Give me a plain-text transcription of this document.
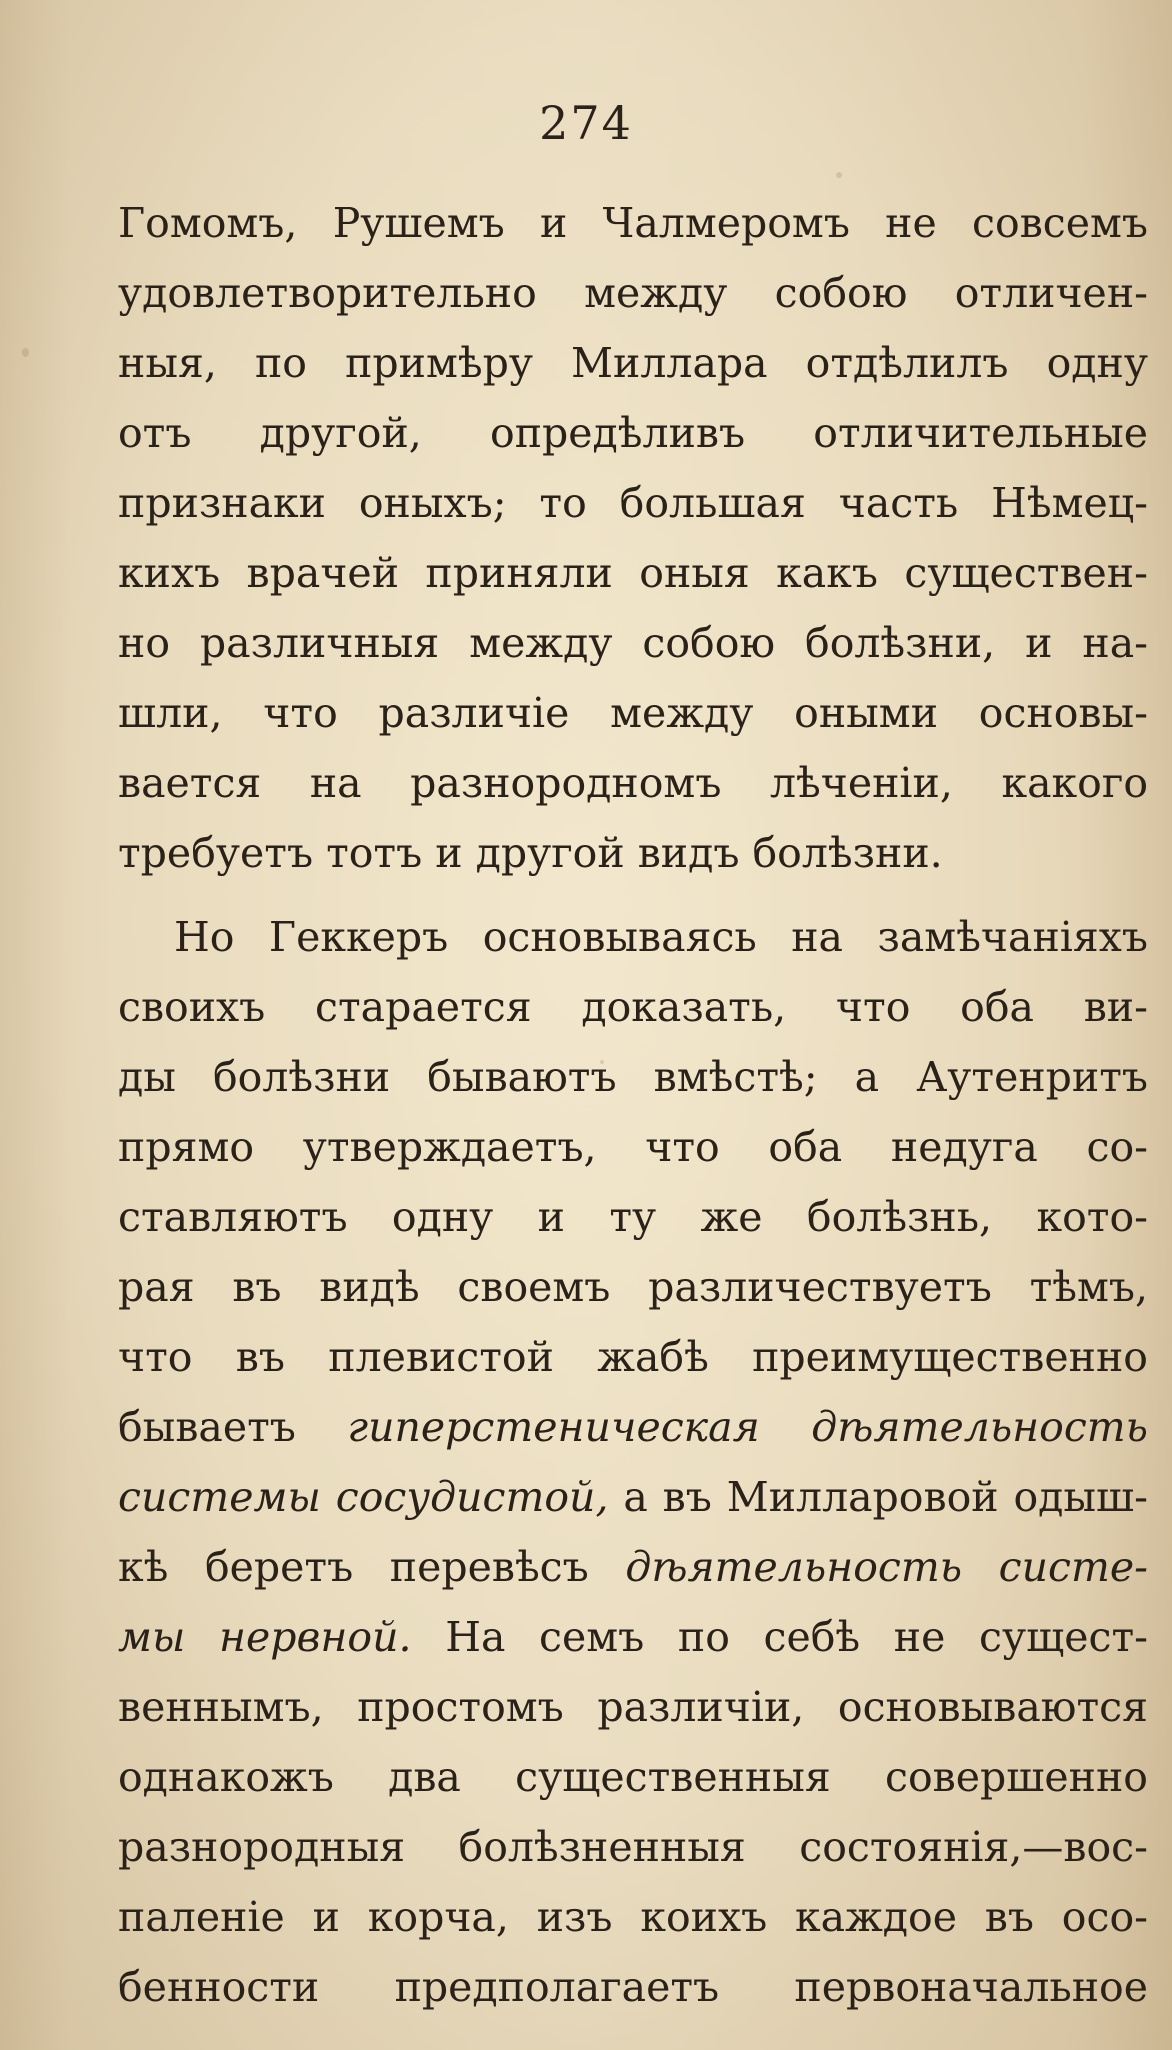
274
Гомомъ, Рушемъ и Чалмеромъ не совсемъ
удовлетворительно между собою отличен-
ныя, по примѣру Миллара отдѣлилъ одну
отъ другой, опредѣливъ отличительные
признаки оныхъ; то большая часть Нѣмец-
кихъ врачей приняли оныя какъ существен-
но различныя между собою болѣзни, и на-
шли, что различіе между оными основы-
вается на разнородномъ лѣченіи, какого
требуетъ тотъ и другой видъ болѣзни.
Но Геккеръ основываясь на замѣчаніяхъ
своихъ старается доказать, что оба ви-
ды болѣзни бываютъ вмѣстѣ; а Аутенритъ
прямо утверждаетъ, что оба недуга со-
ставляютъ одну и ту же болѣзнь, кото-
рая въ видѣ своемъ различествуетъ тѣмъ,
что въ плевистой жабѣ преимущественно
бываетъ гиперстеническая дѣятельность
системы сосудистой, а въ Милларовой одыш-
кѣ беретъ перевѣсъ дѣятельность систе-
мы нервной. На семъ по себѣ не сущест-
веннымъ, простомъ различіи, основываются
однакожъ два существенныя совершенно
разнородныя болѣзненныя состоянія,—вос-
паленіе и корча, изъ коихъ каждое въ осо-
бенности предполагаетъ первоначальное
